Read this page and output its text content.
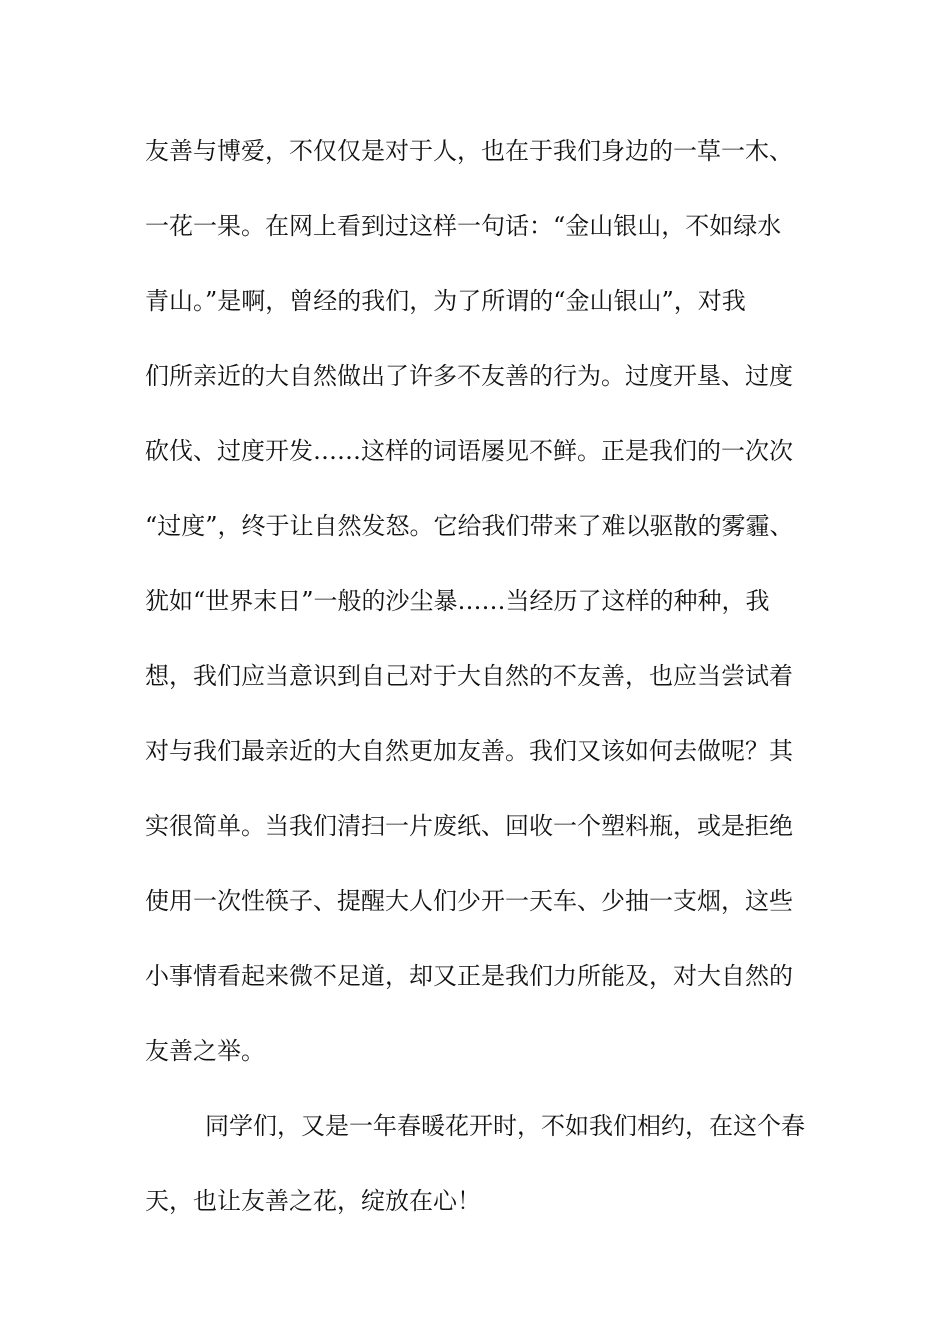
友善与博爱，不仅仅是对于人，也在于我们身边的一草一木、

一花一果。在网上看到过这样一句话：“金山银山，不如绿水

青山。”是啊，曾经的我们，为了所谓的“金山银山”，对我

们所亲近的大自然做出了许多不友善的行为。过度开垦、过度

砍伐、过度开发……这样的词语屡见不鲜。正是我们的一次次

“过度”，终于让自然发怒。它给我们带来了难以驱散的雾霾、

犹如“世界末日”一般的沙尘暴……当经历了这样的种种，我

想，我们应当意识到自己对于大自然的不友善，也应当尝试着

对与我们最亲近的大自然更加友善。我们又该如何去做呢？其

实很简单。当我们清扫一片废纸、回收一个塑料瓶，或是拒绝

使用一次性筷子、提醒大人们少开一天车、少抽一支烟，这些

小事情看起来微不足道，却又正是我们力所能及，对大自然的

友善之举。

同学们，又是一年春暖花开时，不如我们相约，在这个春

天，也让友善之花，绽放在心！
